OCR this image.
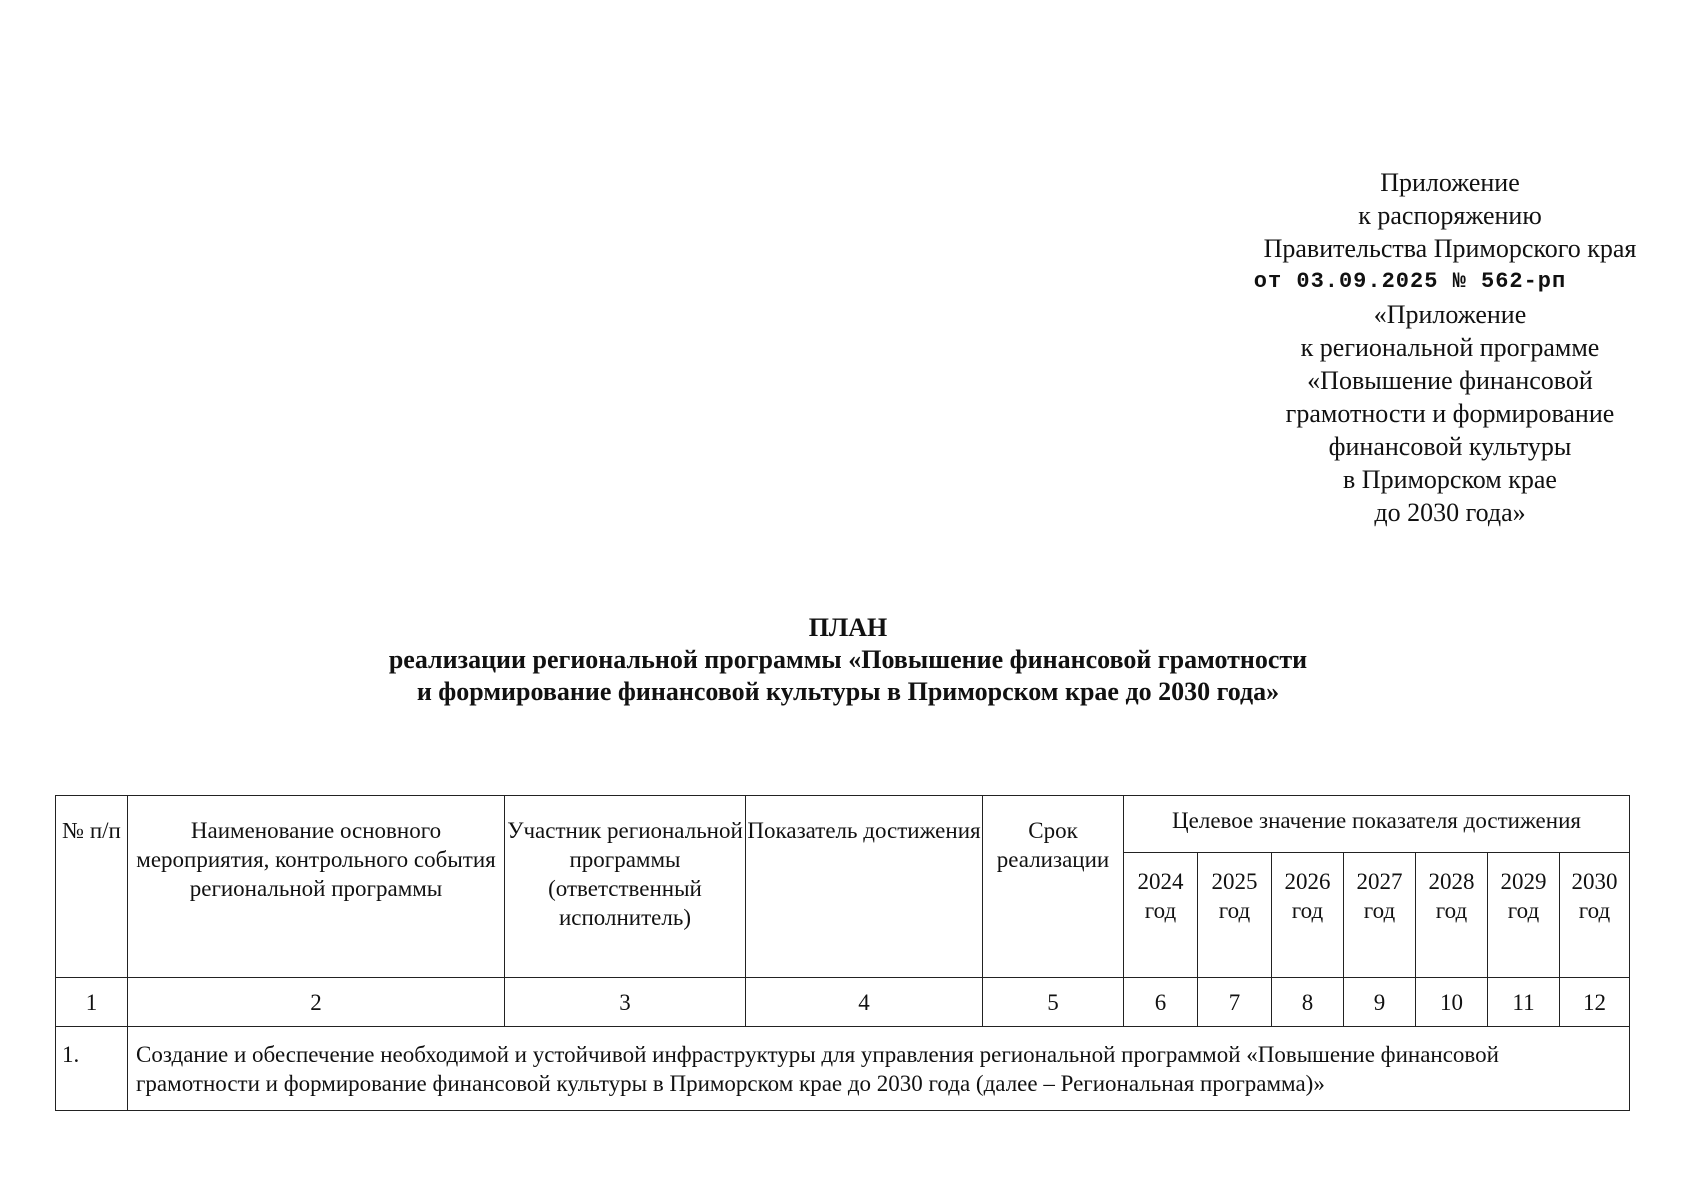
Приложение
к распоряжению
Правительства Приморского края
от 03.09.2025 № 562-рп
«Приложение
к региональной программе
«Повышение финансовой
грамотности и формирование
финансовой культуры
в Приморском крае
до 2030 года»
ПЛАН
реализации региональной программы «Повышение финансовой грамотности
и формирование финансовой культуры в Приморском крае до 2030 года»
№ п/п	Наименование основного мероприятия, контрольного события региональной программы	Участник региональной программы (ответственный исполнитель)	Показатель достижения	Срок реализации	Целевое значение показателя достижения						
					2024 год	2025 год	2026 год	2027 год	2028 год	2029 год	2030 год
1	2	3	4	5	6	7	8	9	10	11	12
1.	Создание и обеспечение необходимой и устойчивой инфраструктуры для управления региональной программой «Повышение финансовой грамотности и формирование финансовой культуры в Приморском крае до 2030 года (далее – Региональная программа)»										
